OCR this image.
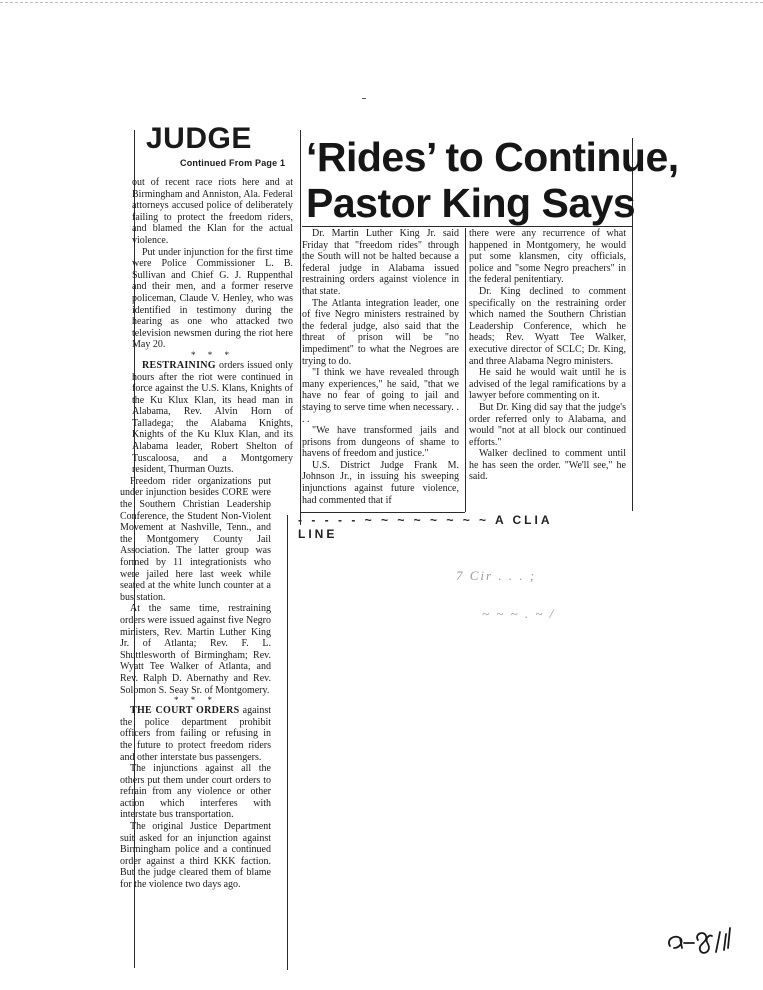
JUDGE
Continued From Page 1

out of recent race riots here and at Birmingham and Anniston, Ala. Federal attorneys accused police of deliberately failing to protect the freedom riders, and blamed the Klan for the actual violence.

Put under injunction for the first time were Police Commissioner L. B. Sullivan and Chief G. J. Ruppenthal and their men, and a former reserve policeman, Claude V. Henley, who was identified in testimony during the hearing as one who attacked two television newsmen during the riot here May 20.

* * *

RESTRAINING orders issued only hours after the riot were continued in force against the U.S. Klans, Knights of the Ku Klux Klan, its head man in Alabama, Rev. Alvin Horn of Talladega; the Alabama Knights, Knights of the Ku Klux Klan, and its Alabama leader, Robert Shelton of Tuscaloosa, and a Montgomery resident, Thurman Ouzts.

Freedom rider organizations put under injunction besides CORE were the Southern Christian Leadership Conference, the Student Non-Violent Movement at Nashville, Tenn., and the Montgomery County Jail Association. The latter group was formed by 11 integrationists who were jailed here last week while seated at the white lunch counter at a bus station.

At the same time, restraining orders were issued against five Negro ministers, Rev. Martin Luther King Jr. of Atlanta; Rev. F. L. Shuttlesworth of Birmingham; Rev. Wyatt Tee Walker of Atlanta, and Rev. Ralph D. Abernathy and Rev. Solomon S. Seay Sr. of Montgomery.

* * *

THE COURT ORDERS against the police department prohibit officers from failing or refusing in the future to protect freedom riders and other interstate bus passengers.

The injunctions against all the others put them under court orders to refrain from any violence or other action which interferes with interstate bus transportation.

The original Justice Department suit asked for an injunction against Birmingham police and a continued order against a third KKK faction. But the judge cleared them of blame for the violence two days ago.

‘Rides’ to Continue,
Pastor King Says

Dr. Martin Luther King Jr. said Friday that "freedom rides" through the South will not be halted because a federal judge in Alabama issued restraining orders against violence in that state.

The Atlanta integration leader, one of five Negro ministers restrained by the federal judge, also said that the threat of prison will be "no impediment" to what the Negroes are trying to do.

"I think we have revealed through many experiences," he said, "that we have no fear of going to jail and staying to serve time when necessary. . . .

"We have transformed jails and prisons from dungeons of shame to havens of freedom and justice."

U.S. District Judge Frank M. Johnson Jr., in issuing his sweeping injunctions against future violence, had commented that if

there were any recurrence of what happened in Montgomery, he would put some klansmen, city officials, police and "some Negro preachers" in the federal penitentiary.

Dr. King declined to comment specifically on the restraining order which named the Southern Christian Leadership Conference, which he heads; Rev. Wyatt Tee Walker, executive director of SCLC; Dr. King, and three Alabama Negro ministers.

He said he would wait until he is advised of the legal ramifications by a lawyer before commenting on it.

But Dr. King did say that the judge's order referred only to Alabama, and would "not at all block our continued efforts."

Walker declined to comment until he has seen the order. "We'll see," he said.

- - - - - ~ ~ ~ ~ ~ ~ ~ ~ A CLIA LINE
7 Cir . . . ;
~ ~ ~ . ~ /
